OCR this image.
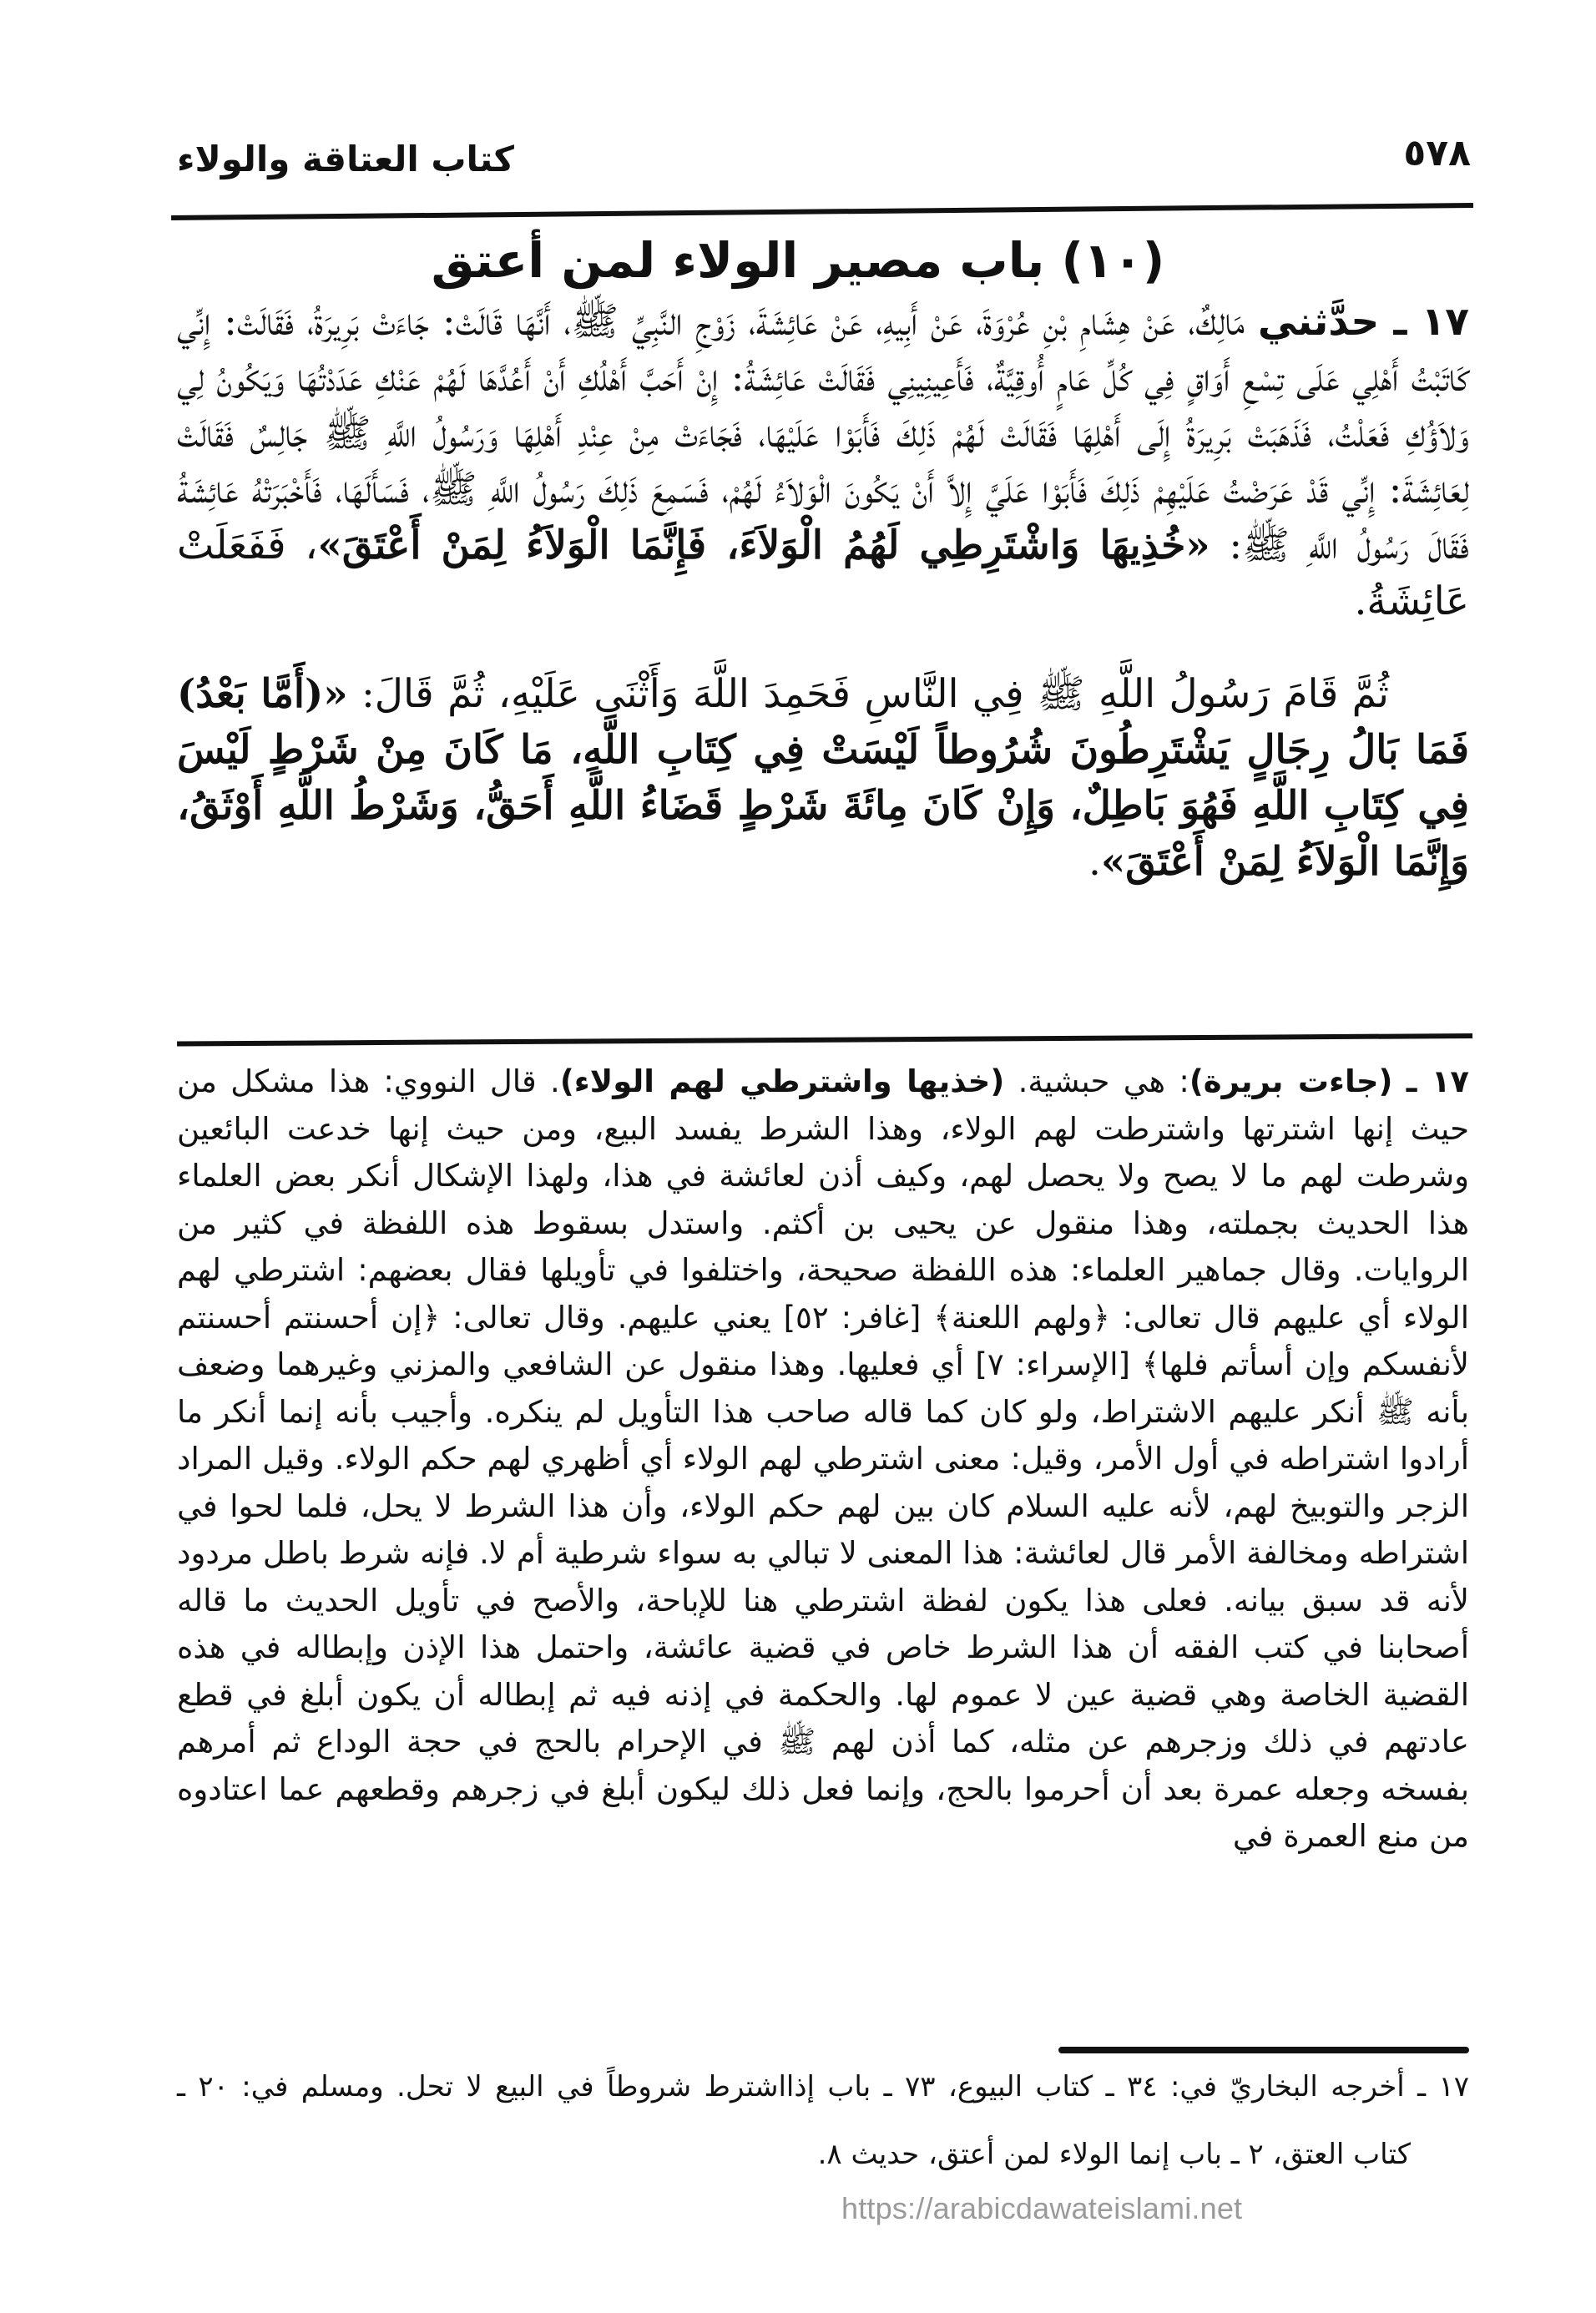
٥٧٨
كتاب العتاقة والولاء
(١٠) باب مصير الولاء لمن أعتق

١٧ ـ حدَّثني مَالِكٌ، عَنْ هِشَامِ بْنِ عُرْوَةَ، عَنْ أَبِيهِ، عَنْ عَائِشَةَ، زَوْجِ النَّبِيِّ ﷺ، أَنَّهَا قَالَتْ: جَاءَتْ بَرِيرَةُ، فَقَالَتْ: إِنِّي كَاتَبْتُ أَهْلِي عَلَى تِسْعِ أَوَاقٍ فِي كُلِّ عَامٍ أُوقِيَّةٌ، فَأَعِينِينِي فَقَالَتْ عَائِشَةُ: إِنْ أَحَبَّ أَهْلُكِ أَنْ أَعُدَّهَا لَهُمْ عَنْكِ عَدَدْتُهَا وَيَكُونُ لِي وَلاَؤُكِ فَعَلْتُ، فَذَهَبَتْ بَرِيرَةُ إِلَى أَهْلِهَا فَقَالَتْ لَهُمْ ذَلِكَ فَأَبَوْا عَلَيْهَا، فَجَاءَتْ مِنْ عِنْدِ أَهْلِهَا وَرَسُولُ اللَّهِ ﷺ جَالِسٌ فَقَالَتْ لِعَائِشَةَ: إِنِّي قَدْ عَرَضْتُ عَلَيْهِمْ ذَلِكَ فَأَبَوْا عَلَيَّ إِلاَّ أَنْ يَكُونَ الْوَلاَءُ لَهُمْ، فَسَمِعَ ذَلِكَ رَسُولُ اللَّهِ ﷺ، فَسَأَلَهَا، فَأَخْبَرَتْهُ عَائِشَةُ فَقَالَ رَسُولُ اللَّهِ ﷺ: «خُذِيهَا وَاشْتَرِطِي لَهُمُ الْوَلاَءَ، فَإِنَّمَا الْوَلاَءُ لِمَنْ أَعْتَقَ»، فَفَعَلَتْ عَائِشَةُ.

ثُمَّ قَامَ رَسُولُ اللَّهِ ﷺ فِي النَّاسِ فَحَمِدَ اللَّهَ وَأَثْنَى عَلَيْهِ، ثُمَّ قَالَ: «(أَمَّا بَعْدُ) فَمَا بَالُ رِجَالٍ يَشْتَرِطُونَ شُرُوطاً لَيْسَتْ فِي كِتَابِ اللَّهِ، مَا كَانَ مِنْ شَرْطٍ لَيْسَ فِي كِتَابِ اللَّهِ فَهُوَ بَاطِلٌ، وَإِنْ كَانَ مِائَةَ شَرْطٍ قَضَاءُ اللَّهِ أَحَقُّ، وَشَرْطُ اللَّهِ أَوْثَقُ، وَإِنَّمَا الْوَلاَءُ لِمَنْ أَعْتَقَ».

١٧ ـ (جاءت بريرة): هي حبشية. (خذيها واشترطي لهم الولاء). قال النووي: هذا مشكل من حيث إنها اشترتها واشترطت لهم الولاء، وهذا الشرط يفسد البيع، ومن حيث إنها خدعت البائعين وشرطت لهم ما لا يصح ولا يحصل لهم، وكيف أذن لعائشة في هذا، ولهذا الإشكال أنكر بعض العلماء هذا الحديث بجملته، وهذا منقول عن يحيى بن أكثم. واستدل بسقوط هذه اللفظة في كثير من الروايات. وقال جماهير العلماء: هذه اللفظة صحيحة، واختلفوا في تأويلها فقال بعضهم: اشترطي لهم الولاء أي عليهم قال تعالى: ﴿ولهم اللعنة﴾ [غافر: ٥٢] يعني عليهم. وقال تعالى: ﴿إن أحسنتم أحسنتم لأنفسكم وإن أسأتم فلها﴾ [الإسراء: ٧] أي فعليها. وهذا منقول عن الشافعي والمزني وغيرهما وضعف بأنه ﷺ أنكر عليهم الاشتراط، ولو كان كما قاله صاحب هذا التأويل لم ينكره. وأجيب بأنه إنما أنكر ما أرادوا اشتراطه في أول الأمر، وقيل: معنى اشترطي لهم الولاء أي أظهري لهم حكم الولاء. وقيل المراد الزجر والتوبيخ لهم، لأنه عليه السلام كان بين لهم حكم الولاء، وأن هذا الشرط لا يحل، فلما لحوا في اشتراطه ومخالفة الأمر قال لعائشة: هذا المعنى لا تبالي به سواء شرطية أم لا. فإنه شرط باطل مردود لأنه قد سبق بيانه. فعلى هذا يكون لفظة اشترطي هنا للإباحة، والأصح في تأويل الحديث ما قاله أصحابنا في كتب الفقه أن هذا الشرط خاص في قضية عائشة، واحتمل هذا الإذن وإبطاله في هذه القضية الخاصة وهي قضية عين لا عموم لها. والحكمة في إذنه فيه ثم إبطاله أن يكون أبلغ في قطع عادتهم في ذلك وزجرهم عن مثله، كما أذن لهم ﷺ في الإحرام بالحج في حجة الوداع ثم أمرهم بفسخه وجعله عمرة بعد أن أحرموا بالحج، وإنما فعل ذلك ليكون أبلغ في زجرهم وقطعهم عما اعتادوه من منع العمرة في

١٧ ـ أخرجه البخاريّ في: ٣٤ ـ كتاب البيوع، ٧٣ ـ باب إذااشترط شروطاً في البيع لا تحل. ومسلم في: ٢٠ ـ
كتاب العتق، ٢ ـ باب إنما الولاء لمن أعتق، حديث ٨.
https://arabicdawateislami.net
